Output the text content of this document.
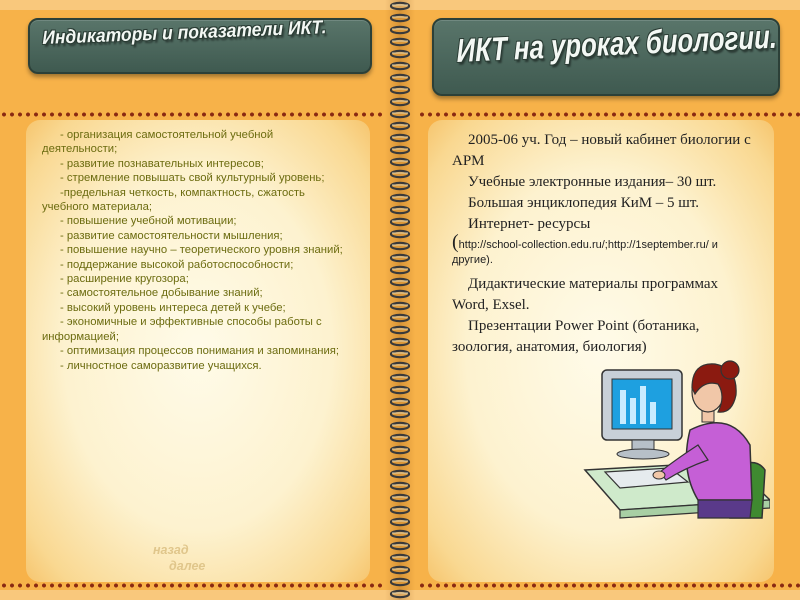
Индикаторы и показатели ИКТ.	ИКТ на уроках биологии.

- организация самостоятельной учебной деятельности;

- развитие познавательных интересов;

- стремление повышать свой культурный уровень;

-предельная четкость, компактность, сжатость учебного материала;

- повышение учебной мотивации;

- развитие самостоятельности мышления;

- повышение научно – теоретического уровня знаний;

- поддержание высокой работоспособности;

- расширение кругозора;

- самостоятельное добывание знаний;

- высокий уровень интереса детей к учебе;

- экономичные и эффективные способы работы с информацией;

- оптимизация процессов понимания и запоминания;

- личностное саморазвитие учащихся.

назад
далее

2005-06 уч. Год – новый кабинет биологии с АРМ

Учебные электронные издания– 30 шт.

Большая энциклопедия КиМ – 5 шт.

Интернет- ресурсы

(http://school-collection.edu.ru/;http://1september.ru/ и другие).

Дидактические материалы программах Word, Exsel.

Презентации Power Point (ботаника, зоология, анатомия, биология)
